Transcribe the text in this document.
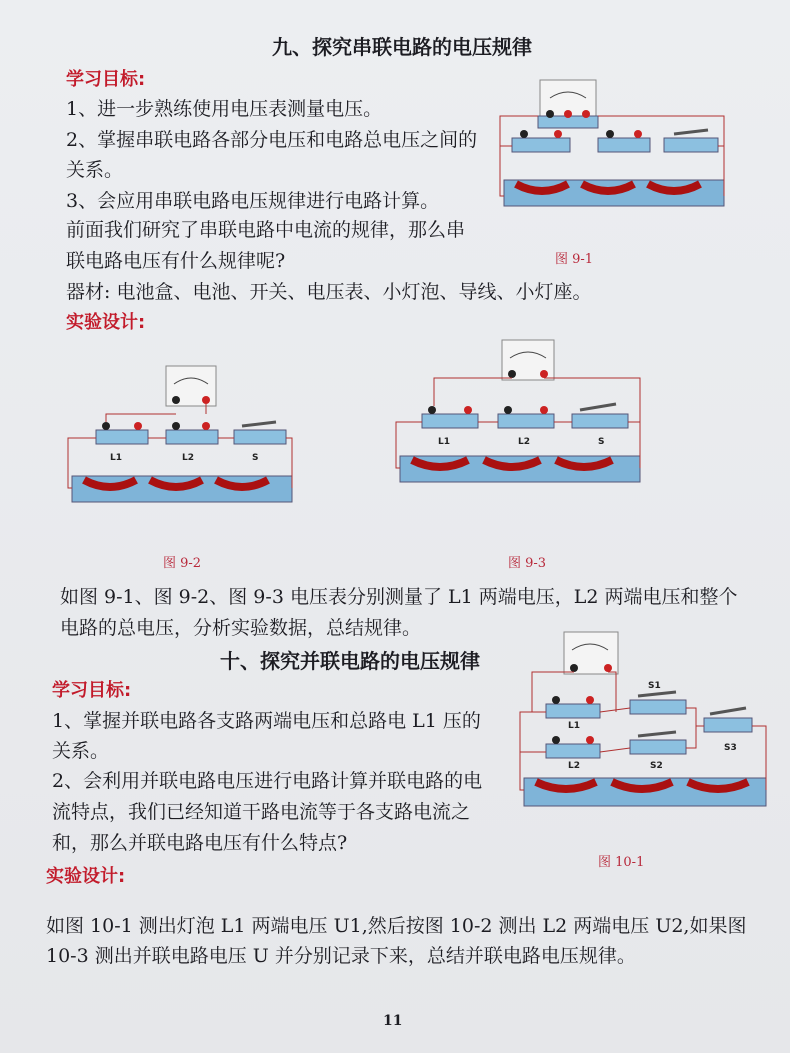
九、探究串联电路的电压规律
学习目标:
1、进一步熟练使用电压表测量电压。
2、掌握串联电路各部分电压和电路总电压之间的
关系。
3、会应用串联电路电压规律进行电路计算。
前面我们研究了串联电路中电流的规律，那么串
联电路电压有什么规律呢?
器材: 电池盒、电池、开关、电压表、小灯泡、导线、小灯座。
实验设计:
图 9-1
L1	L2	S
图 9-2
L1	L2	S
图 9-3
如图 9-1、图 9-2、图 9-3 电压表分别测量了 L1 两端电压，L2 两端电压和整个
电路的总电压，分析实验数据，总结规律。
十、探究并联电路的电压规律
学习目标:
1、掌握并联电路各支路两端电压和总路电 L1 压的
关系。
2、会利用并联电路电压进行电路计算并联电路的电
流特点，我们已经知道干路电流等于各支路电流之
和，那么并联电路电压有什么特点?
实验设计:
S1
L1
L2	S2
S3
图 10-1
如图 10-1 测出灯泡 L1 两端电压 U1,然后按图 10-2 测出 L2 两端电压 U2,如果图
10-3 测出并联电路电压 U 并分别记录下来，总结并联电路电压规律。
11
